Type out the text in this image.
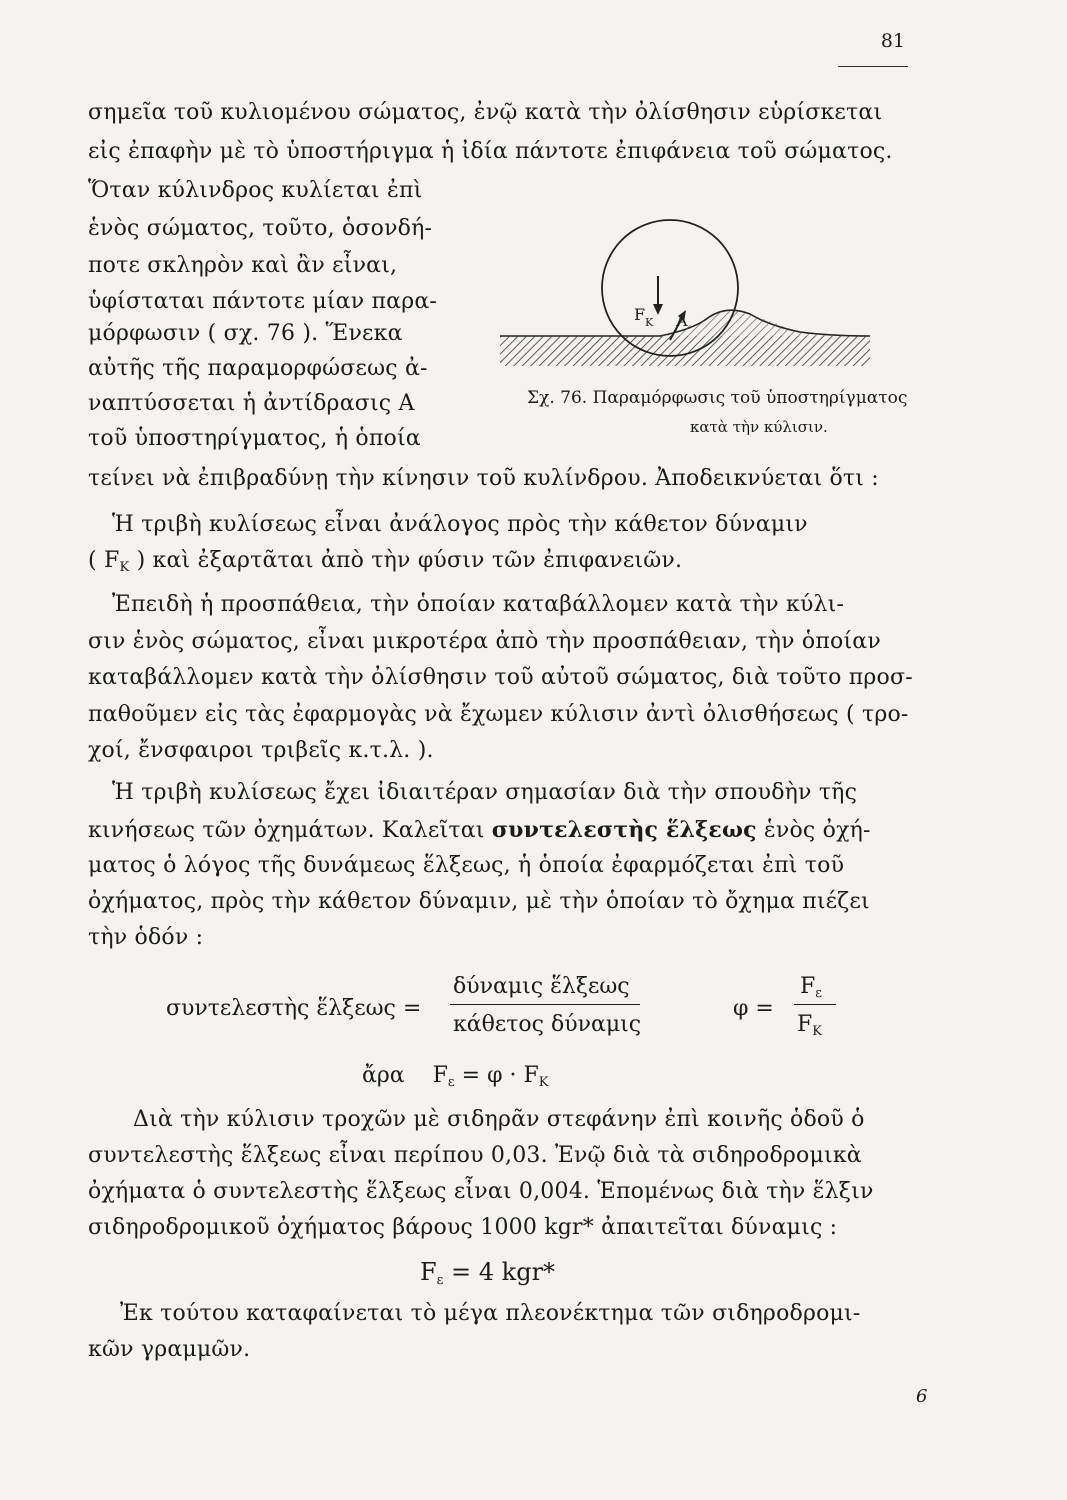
81
σημεῖα τοῦ κυλιομένου σώματος, ἐνῷ κατὰ τὴν ὀλίσθησιν εὑρίσκεται
εἰς ἐπαφὴν μὲ τὸ ὑποστήριγμα ἡ ἰδία πάντοτε ἐπιφάνεια τοῦ σώματος.
Ὅταν κύλινδρος κυλίεται ἐπὶ
ἑνὸς σώματος, τοῦτο, ὁσονδή-
ποτε σκληρὸν καὶ ἂν εἶναι,
ὑφίσταται πάντοτε μίαν παρα-
μόρφωσιν ( σχ. 76 ). Ἕνεκα
αὐτῆς τῆς παραμορφώσεως ἀ-
ναπτύσσεται ἡ ἀντίδρασις Α
τοῦ ὑποστηρίγματος, ἡ ὁποία
τείνει νὰ ἐπιβραδύνῃ τὴν κίνησιν τοῦ κυλίνδρου. Ἀποδεικνύεται ὅτι :
F K Α
Σχ. 76. Παραμόρφωσις τοῦ ὑποστηρίγματος
κατὰ τὴν κύλισιν.
Ἡ τριβὴ κυλίσεως εἶναι ἀνάλογος πρὸς τὴν κάθετον δύναμιν
( FK ) καὶ ἐξαρτᾶται ἀπὸ τὴν φύσιν τῶν ἐπιφανειῶν.
Ἐπειδὴ ἡ προσπάθεια, τὴν ὁποίαν καταβάλλομεν κατὰ τὴν κύλι-
σιν ἑνὸς σώματος, εἶναι μικροτέρα ἀπὸ τὴν προσπάθειαν, τὴν ὁποίαν
καταβάλλομεν κατὰ τὴν ὀλίσθησιν τοῦ αὐτοῦ σώματος, διὰ τοῦτο προσ-
παθοῦμεν εἰς τὰς ἐφαρμογὰς νὰ ἔχωμεν κύλισιν ἀντὶ ὀλισθήσεως ( τρο-
χοί, ἔνσφαιροι τριβεῖς κ.τ.λ. ).
Ἡ τριβὴ κυλίσεως ἔχει ἰδιαιτέραν σημασίαν διὰ τὴν σπουδὴν τῆς
κινήσεως τῶν ὀχημάτων. Καλεῖται συντελεστὴς ἕλξεως ἑνὸς ὀχή-
ματος ὁ λόγος τῆς δυνάμεως ἕλξεως, ἡ ὁποία ἐφαρμόζεται ἐπὶ τοῦ
ὀχήματος, πρὸς τὴν κάθετον δύναμιν, μὲ τὴν ὁποίαν τὸ ὄχημα πιέζει
τὴν ὁδόν :
συντελεστὴς ἕλξεως =
δύναμις ἕλξεως
κάθετος δύναμις
φ =
Fε
FK
ἄρα Fε = φ · FK
Διὰ τὴν κύλισιν τροχῶν μὲ σιδηρᾶν στεφάνην ἐπὶ κοινῆς ὁδοῦ ὁ
συντελεστὴς ἕλξεως εἶναι περίπου 0,03. Ἐνῷ διὰ τὰ σιδηροδρομικὰ
ὀχήματα ὁ συντελεστὴς ἕλξεως εἶναι 0,004. Ἑπομένως διὰ τὴν ἕλξιν
σιδηροδρομικοῦ ὀχήματος βάρους 1000 kgr* ἀπαιτεῖται δύναμις :
Fε = 4 kgr*
Ἐκ τούτου καταφαίνεται τὸ μέγα πλεονέκτημα τῶν σιδηροδρομι-
κῶν γραμμῶν.
6
